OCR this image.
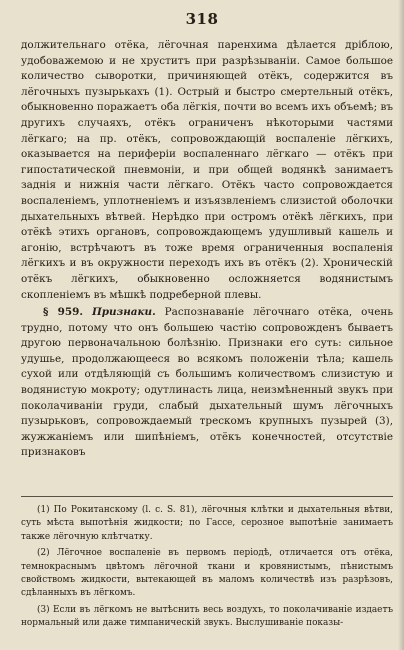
318
должительнаго отёка, лёгочная паренхима дѣлается дрiблою, удобоважемою и не хруститъ при разрѣзываніи. Самое большое количество сыворотки, причиняющей отёкъ, содержится въ лёгочныхъ пузырькахъ (1). Острый и быстро смертельный отёкъ, обыкновенно поражаетъ оба лёгкія, почти во всемъ ихъ объемѣ; въ другихъ случаяхъ, отёкъ ограниченъ нѣкоторыми частями лёгкаго; на пр. отёкъ, сопровождающій воспаленіе лёгкихъ, оказывается на периферіи воспаленнаго лёгкаго — отёкъ при гипостатической пневмоніи, и при общей водянкѣ занимаетъ заднія и нижнія части лёгкаго. Отёкъ часто сопровождается воспаленіемъ, уплотненіемъ и изъязвленіемъ слизистой оболочки дыхательныхъ вѣтвей. Нерѣдко при остромъ отёкѣ лёгкихъ, при отёкѣ этихъ органовъ, сопровождающемъ удушливый кашель и агонію, встрѣчаютъ въ тоже время ограниченныя воспаленія лёгкихъ и въ окружности переходъ ихъ въ отёкъ (2). Хроническій отёкъ лёгкихъ, обыкновенно осложняется водянистымъ скопленіемъ въ мѣшкѣ подреберной плевы.
§ 959. Признаки. Распознаваніе лёгочнаго отёка, очень трудно, потому что онъ большею частію сопровожденъ бываетъ другою первоначальною болѣзнію. Признаки его суть: сильное удушье, продолжающееся во всякомъ положеніи тѣла; кашель сухой или отдѣляющій съ большимъ количествомъ слизистую и водянистую мокроту; одутлинасть лица, неизмѣненный звукъ при поколачиваніи груди, слабый дыхательный шумъ лёгочныхъ пузырьковъ, сопровождаемый трескомъ крупныхъ пузырей (3), жужжаніемъ или шипѣніемъ, отёкъ конечностей, отсутствіе признаковъ

(1) По Рокитанскому (l. c. S. 81), лёгочныя клѣтки и дыхательныя вѣтви, суть мѣста выпотѣнія жидкости; по Гассе, серозное выпотѣніе занимаетъ также лёгочную клѣтчатку.

(2) Лёгочное воспаленіе въ первомъ періодѣ, отличается отъ отёка, темнокраснымъ цвѣтомъ лёгочной ткани и кровянистымъ, пѣнистымъ свойствомъ жидкости, вытекающей въ маломъ количествѣ изъ разрѣзовъ, сдѣланныхъ въ лёгкомъ.

(3) Если въ лёгкомъ не вытѣснить весь воздухъ, то поколачиваніе издаетъ нормальный или даже тимпаническій звукъ. Выслушиваніе показы-
